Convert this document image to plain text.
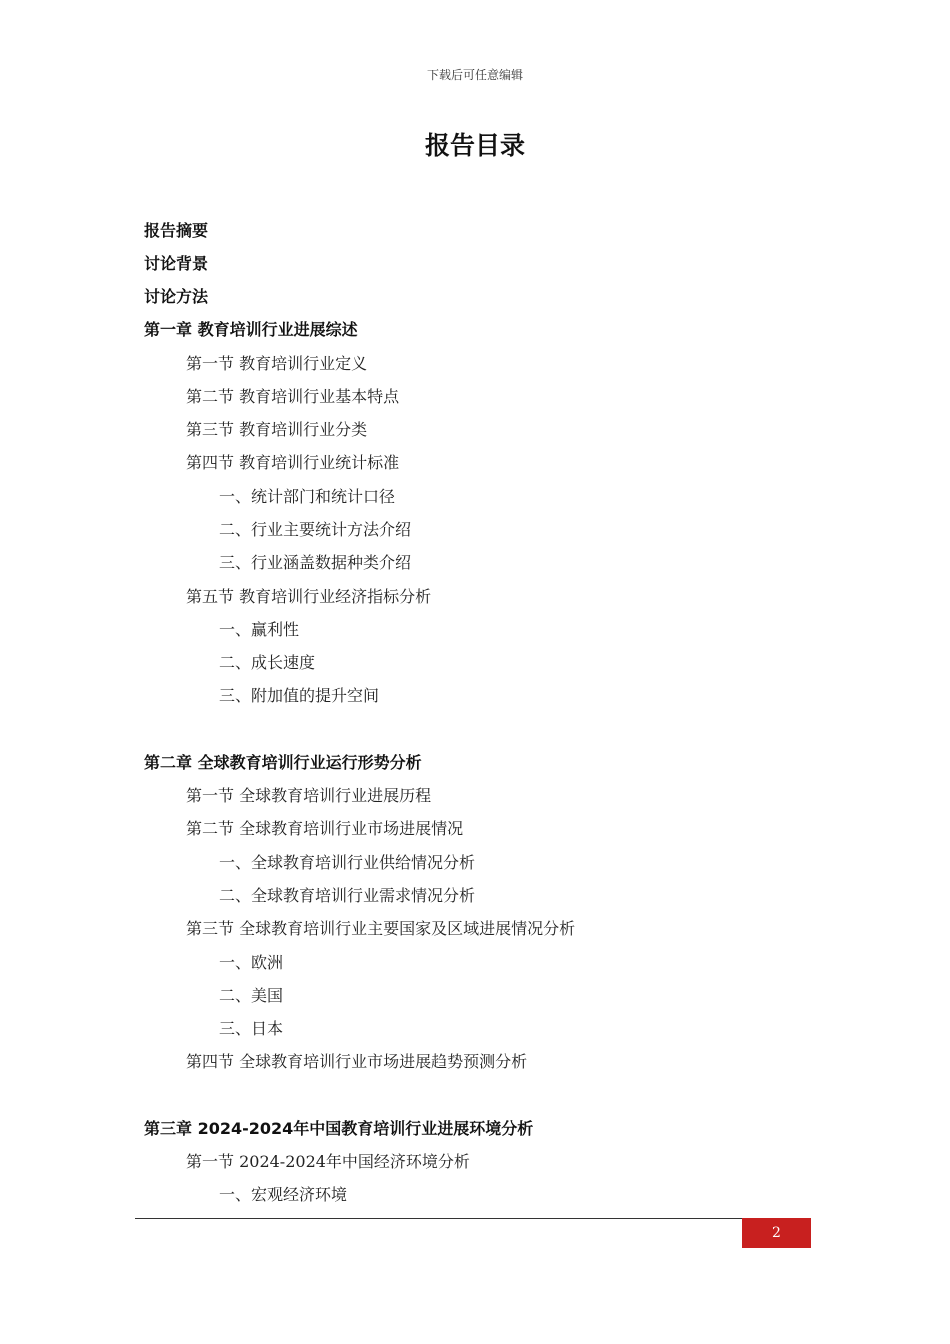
下载后可任意编辑
报告目录
报告摘要
讨论背景
讨论方法
第一章 教育培训行业进展综述
第一节 教育培训行业定义
第二节 教育培训行业基本特点
第三节 教育培训行业分类
第四节 教育培训行业统计标准
一、统计部门和统计口径
二、行业主要统计方法介绍
三、行业涵盖数据种类介绍
第五节 教育培训行业经济指标分析
一、赢利性
二、成长速度
三、附加值的提升空间
第二章 全球教育培训行业运行形势分析
第一节 全球教育培训行业进展历程
第二节 全球教育培训行业市场进展情况
一、全球教育培训行业供给情况分析
二、全球教育培训行业需求情况分析
第三节 全球教育培训行业主要国家及区域进展情况分析
一、欧洲
二、美国
三、日本
第四节 全球教育培训行业市场进展趋势预测分析
第三章 2024-2024年中国教育培训行业进展环境分析
第一节 2024-2024年中国经济环境分析
一、宏观经济环境
2
